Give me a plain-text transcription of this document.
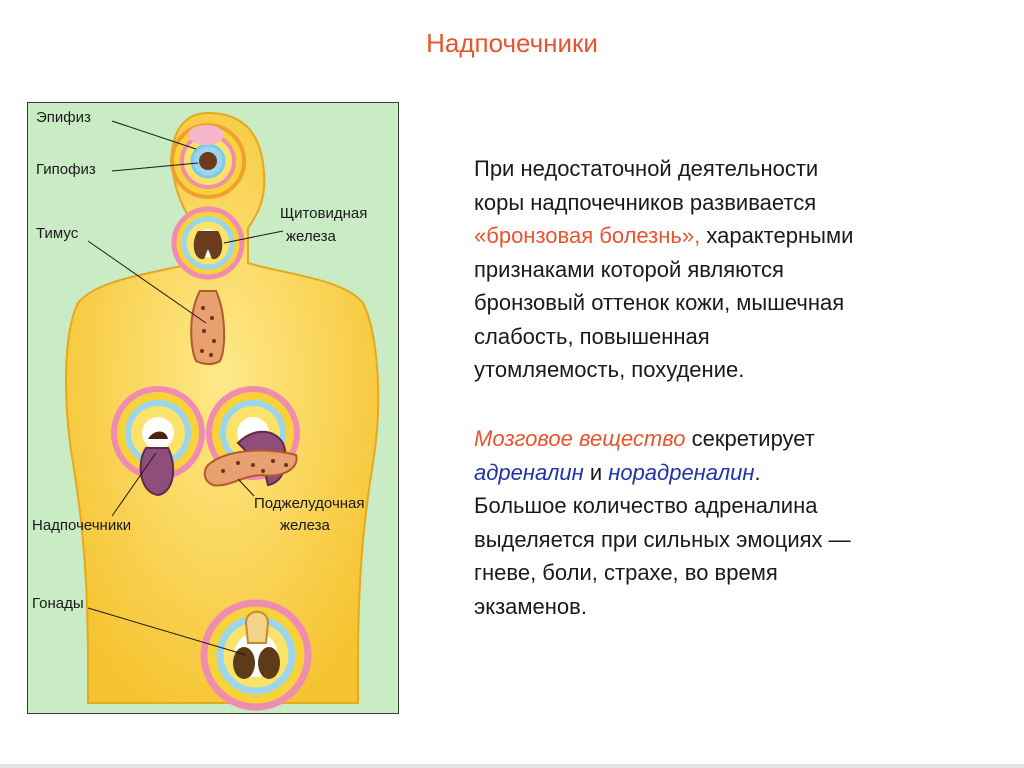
Надпочечники
Эпифиз
Гипофиз
Щитовидная
железа
Тимус
Надпочечники
Поджелудочная
железа
Гонады
При недостаточной деятельности
коры надпочечников развивается
«бронзовая болезнь», характерными
признаками которой являются
бронзовый оттенок кожи, мышечная
слабость, повышенная
утомляемость, похудение.
Мозговое вещество секретирует
адреналин и норадреналин.
Большое количество адреналина
выделяется при сильных эмоциях —
гневе, боли, страхе, во время
экзаменов.
